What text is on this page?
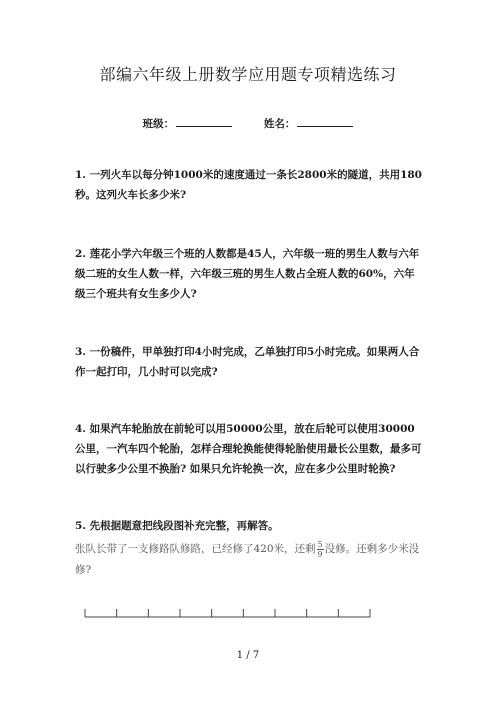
部编六年级上册数学应用题专项精选练习
班级：	姓名：

1. 一列火车以每分钟1000米的速度通过一条长2800米的隧道，共用180秒。这列火车长多少米?

2. 莲花小学六年级三个班的人数都是45人，六年级一班的男生人数与六年级二班的女生人数一样，六年级三班的男生人数占全班人数的60%，六年级三个班共有女生多少人?

3. 一份稿件，甲单独打印4小时完成，乙单独打印5小时完成。如果两人合作一起打印，几小时可以完成?

4. 如果汽车轮胎放在前轮可以用50000公里，放在后轮可以使用30000公里，一汽车四个轮胎，怎样合理轮换能使得轮胎使用最长公里数，最多可以行驶多少公里不换胎? 如果只允许轮换一次，应在多少公里时轮换?

5. 先根据题意把线段图补充完整，再解答。

张队长带了一支修路队修路，已经修了420米，还剩 $\frac{5}{9}$ 没修。还剩多少米没修?
1 / 7
